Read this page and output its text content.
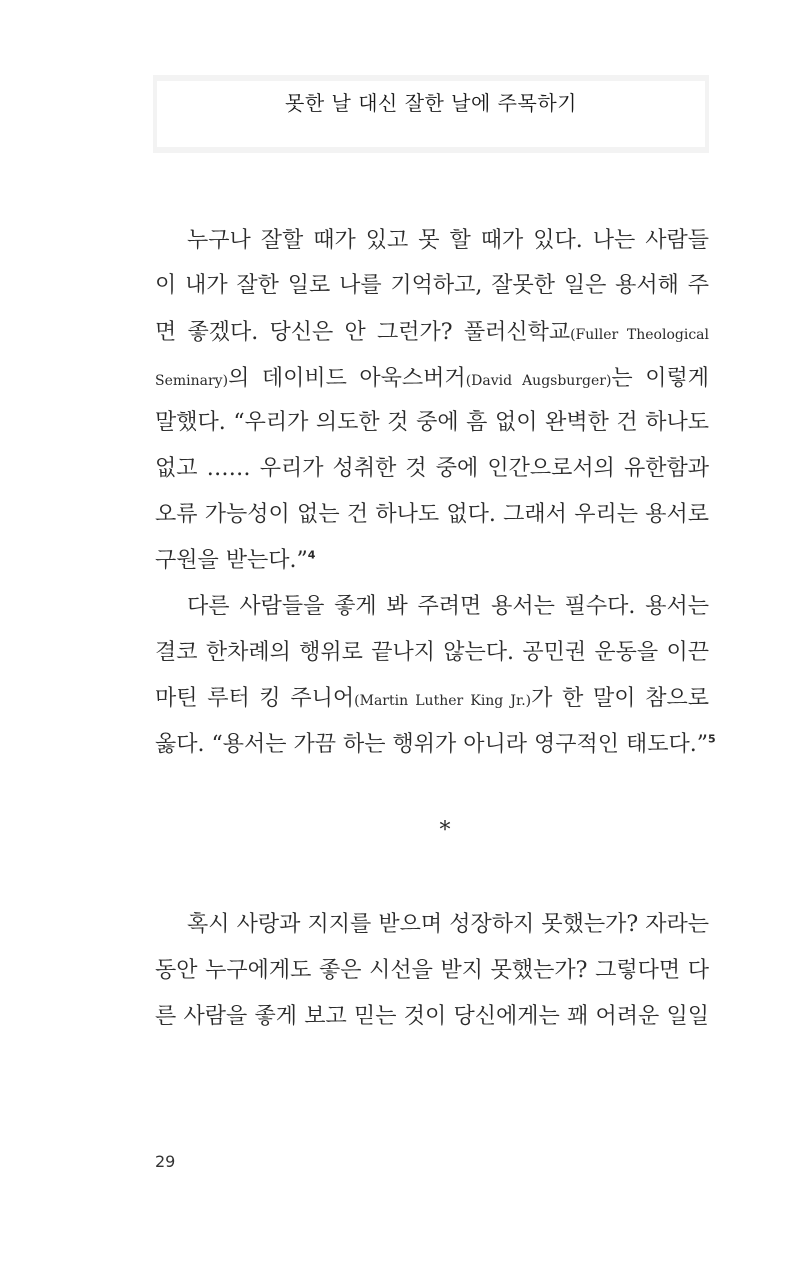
못한 날 대신 잘한 날에 주목하기
누구나 잘할 때가 있고 못 할 때가 있다. 나는 사람들
이 내가 잘한 일로 나를 기억하고, 잘못한 일은 용서해 주
면 좋겠다. 당신은 안 그런가? 풀러신학교(Fuller Theological
Seminary)의 데이비드 아욱스버거(David Augsburger)는 이렇게
말했다. “우리가 의도한 것 중에 흠 없이 완벽한 건 하나도
없고 …… 우리가 성취한 것 중에 인간으로서의 유한함과
오류 가능성이 없는 건 하나도 없다. 그래서 우리는 용서로
구원을 받는다.”$^4$
다른 사람들을 좋게 봐 주려면 용서는 필수다. 용서는
결코 한차례의 행위로 끝나지 않는다. 공민권 운동을 이끈
마틴 루터 킹 주니어(Martin Luther King Jr.)가 한 말이 참으로
옳다. “용서는 가끔 하는 행위가 아니라 영구적인 태도다.”$^5$
*
혹시 사랑과 지지를 받으며 성장하지 못했는가? 자라는
동안 누구에게도 좋은 시선을 받지 못했는가? 그렇다면 다
른 사람을 좋게 보고 믿는 것이 당신에게는 꽤 어려운 일일
29
